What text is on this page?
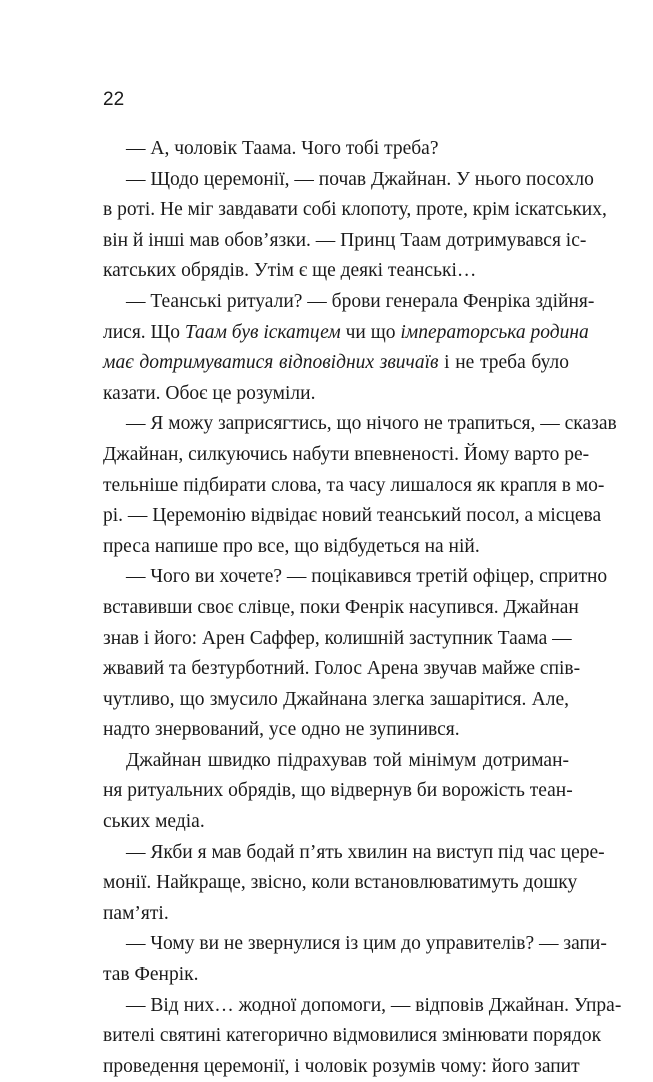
22
— А, чоловік Таама. Чого тобі треба?
— Щодо церемонії, — почав Джайнан. У нього посохло
в роті. Не міг завдавати собі клопоту, проте, крім іскатських,
він й інші мав обов’язки. — Принц Таам дотримувався іс-
катських обрядів. Утім є ще деякі теанські…
— Теанські ритуали? — брови генерала Фенріка здійня-
лися. Що Таам був іскатцем чи що імператорська родина
має дотримуватися відповідних звичаїв і не треба було
казати. Обоє це розуміли.
— Я можу заприсягтись, що нічого не трапиться, — сказав
Джайнан, силкуючись набути впевненості. Йому варто ре-
тельніше підбирати слова, та часу лишалося як крапля в мо-
рі. — Церемонію відвідає новий теанський посол, а місцева
преса напише про все, що відбудеться на ній.
— Чого ви хочете? — поцікавився третій офіцер, спритно
вставивши своє слівце, поки Фенрік насупився. Джайнан
знав і його: Арен Саффер, колишній заступник Таама —
жвавий та безтурботний. Голос Арена звучав майже спів-
чутливо, що змусило Джайнана злегка зашарітися. Але,
надто знервований, усе одно не зупинився.
Джайнан швидко підрахував той мінімум дотриман-
ня ритуальних обрядів, що відвернув би ворожість теан-
ських медіа.
— Якби я мав бодай п’ять хвилин на виступ під час цере-
монії. Найкраще, звісно, коли встановлюватимуть дошку
пам’яті.
— Чому ви не звернулися із цим до управителів? — запи-
тав Фенрік.
— Від них… жодної допомоги, — відповів Джайнан. Упра-
вителі святині категорично відмовилися змінювати порядок
проведення церемонії, і чоловік розумів чому: його запит
